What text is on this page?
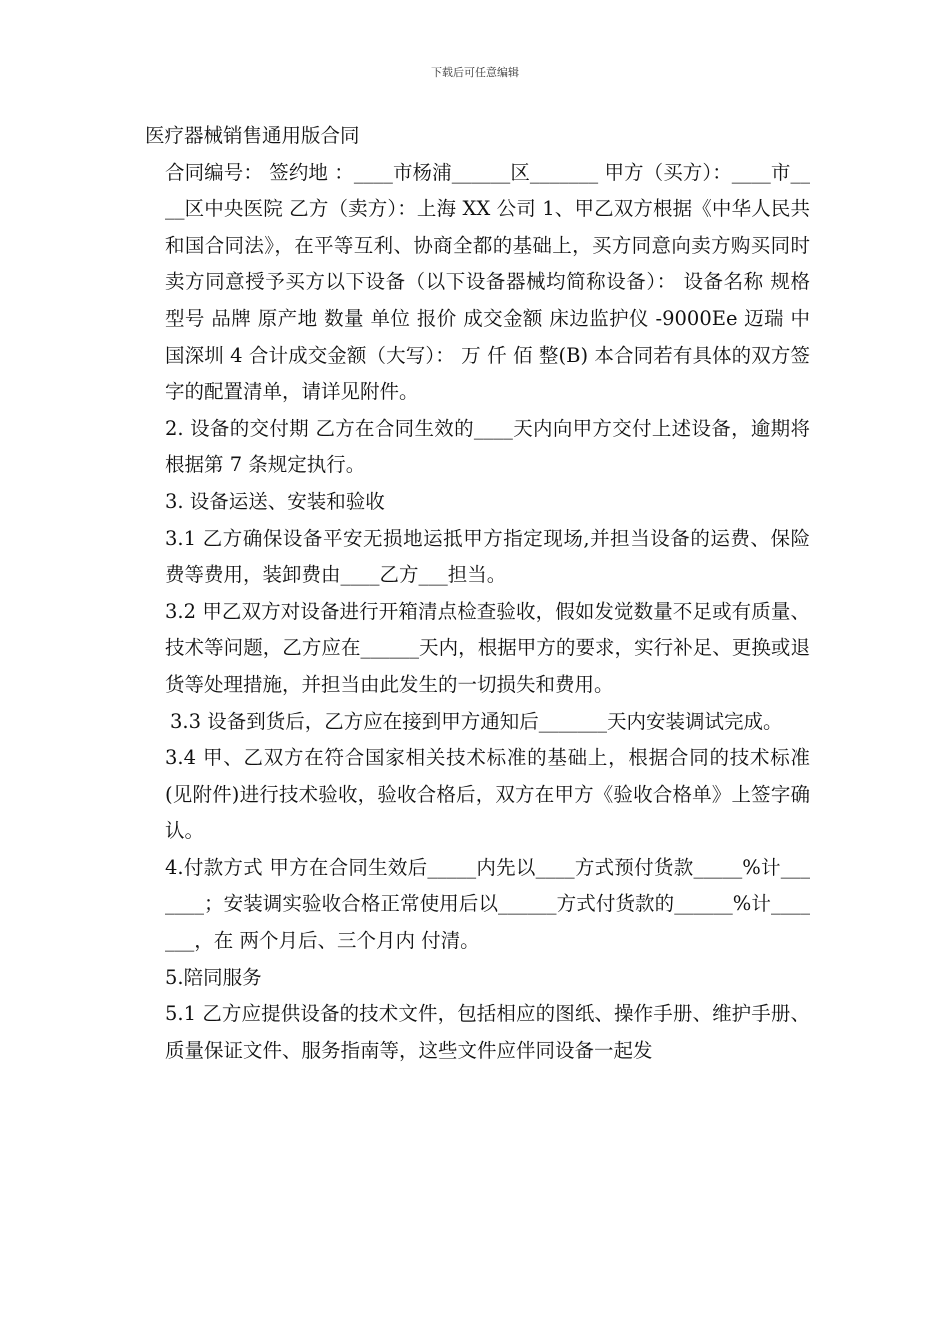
下载后可任意编辑

医疗器械销售通用版合同

合同编号： 签约地 ：____市杨浦______区_______ 甲方（买方）：____市____区中央医院 乙方（卖方）：上海 XX 公司 1、甲乙双方根据《中华人民共和国合同法》，在平等互利、协商全都的基础上，买方同意向卖方购买同时卖方同意授予买方以下设备（以下设备器械均简称设备）： 设备名称 规格型号 品牌 原产地 数量 单位 报价 成交金额 床边监护仪 -9000Ee 迈瑞 中国深圳 4 合计成交金额（大写）： 万 仟 佰 整(B) 本合同若有具体的双方签字的配置清单，请详见附件。

2. 设备的交付期 乙方在合同生效的____天内向甲方交付上述设备，逾期将根据第 7 条规定执行。

3. 设备运送、安装和验收

3.1 乙方确保设备平安无损地运抵甲方指定现场,并担当设备的运费、保险费等费用，装卸费由____乙方___担当。

3.2 甲乙双方对设备进行开箱清点检查验收，假如发觉数量不足或有质量、技术等问题，乙方应在______天内，根据甲方的要求，实行补足、更换或退货等处理措施，并担当由此发生的一切损失和费用。

3.3 设备到货后，乙方应在接到甲方通知后_______天内安装调试完成。

3.4 甲、乙双方在符合国家相关技术标准的基础上，根据合同的技术标准(见附件)进行技术验收，验收合格后，双方在甲方《验收合格单》上签字确认。

4.付款方式 甲方在合同生效后_____内先以____方式预付货款_____%计_______；安装调实验收合格正常使用后以______方式付货款的______%计_______，在 两个月后、三个月内 付清。

5.陪同服务

5.1 乙方应提供设备的技术文件，包括相应的图纸、操作手册、维护手册、质量保证文件、服务指南等，这些文件应伴同设备一起发
